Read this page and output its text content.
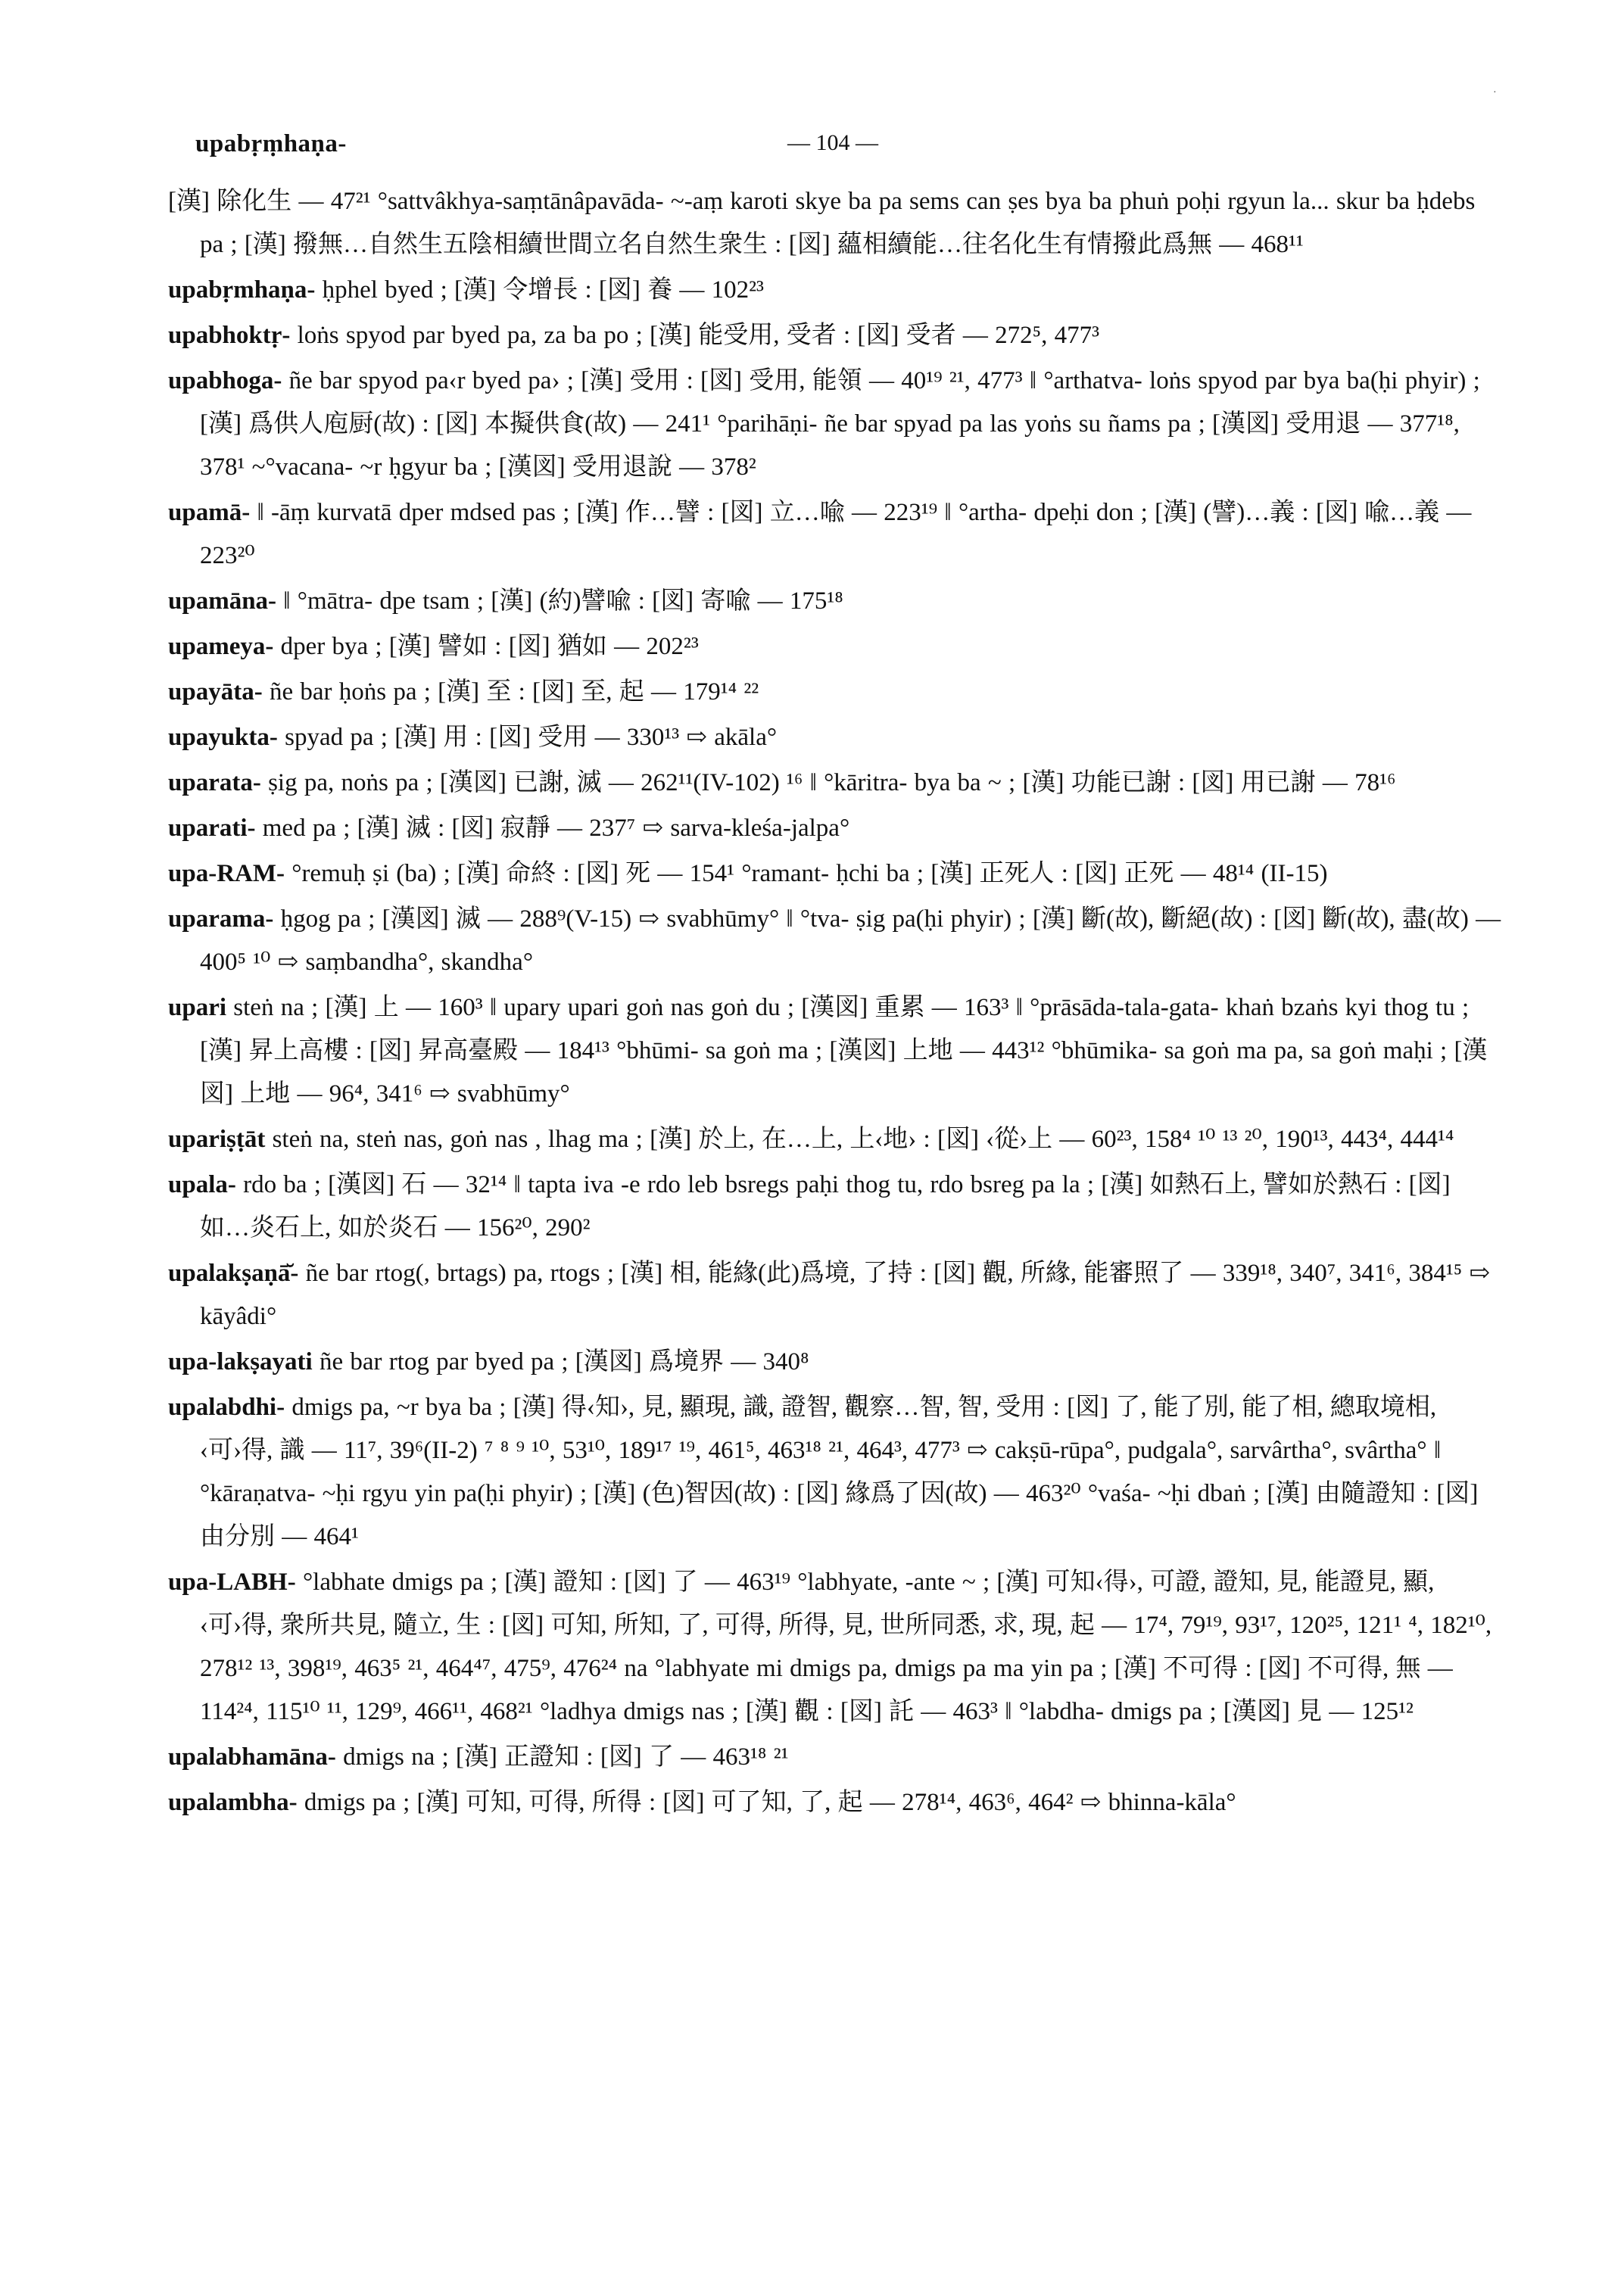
upabṛṃhaṇa-	— 104 —
[漢] 除化生 — 47²¹ °sattvâkhya-saṃtānâpavāda- ~-aṃ karoti skye ba pa sems can ṣes bya ba phuṅ poḥi rgyun la... skur ba ḥdebs pa ; [漢] 撥無…自然生五陰相續世間立名自然生衆生 : [図] 蘊相續能…往名化生有情撥此爲無 — 468¹¹
upabṛmhaṇa- ḥphel byed ; [漢] 令增長 : [図] 養 — 102²³
upabhoktṛ- loṅs spyod par byed pa, za ba po ; [漢] 能受用, 受者 : [図] 受者 — 272⁵, 477³
upabhoga- ñe bar spyod pa‹r byed pa› ; [漢] 受用 : [図] 受用, 能領 — 40¹⁹ ²¹, 477³ ‖ °arthatva- loṅs spyod par bya ba(ḥi phyir) ; [漢] 爲供人庖厨(故) : [図] 本擬供食(故) — 241¹ °parihāṇi- ñe bar spyad pa las yoṅs su ñams pa ; [漢図] 受用退 — 377¹⁸, 378¹ ~°vacana- ~r ḥgyur ba ; [漢図] 受用退說 — 378²
upamā- ‖ -āṃ kurvatā dper mdsed pas ; [漢] 作…譬 : [図] 立…喩 — 223¹⁹ ‖ °artha- dpeḥi don ; [漢] (譬)…義 : [図] 喩…義 — 223²⁰
upamāna- ‖ °mātra- dpe tsam ; [漢] (約)譬喩 : [図] 寄喩 — 175¹⁸
upameya- dper bya ; [漢] 譬如 : [図] 猶如 — 202²³
upayāta- ñe bar ḥoṅs pa ; [漢] 至 : [図] 至, 起 — 179¹⁴ ²²
upayukta- spyad pa ; [漢] 用 : [図] 受用 — 330¹³ ⇨ akāla°
uparata- ṣig pa, noṅs pa ; [漢図] 已謝, 滅 — 262¹¹(IV-102) ¹⁶ ‖ °kāritra- bya ba ~ ; [漢] 功能已謝 : [図] 用已謝 — 78¹⁶
uparati- med pa ; [漢] 滅 : [図] 寂靜 — 237⁷ ⇨ sarva-kleśa-jalpa°
upa-RAM- °remuḥ ṣi (ba) ; [漢] 命終 : [図] 死 — 154¹ °ramant- ḥchi ba ; [漢] 正死人 : [図] 正死 — 48¹⁴ (II-15)
uparama- ḥgog pa ; [漢図] 滅 — 288⁹(V-15) ⇨ svabhūmy° ‖ °tva- ṣig pa(ḥi phyir) ; [漢] 斷(故), 斷絕(故) : [図] 斷(故), 盡(故) — 400⁵ ¹⁰ ⇨ saṃbandha°, skandha°
upari steṅ na ; [漢] 上 — 160³ ‖ upary upari goṅ nas goṅ du ; [漢図] 重累 — 163³ ‖ °prāsāda-tala-gata- khaṅ bzaṅs kyi thog tu ; [漢] 昇上高樓 : [図] 昇高臺殿 — 184¹³ °bhūmi- sa goṅ ma ; [漢図] 上地 — 443¹² °bhūmika- sa goṅ ma pa, sa goṅ maḥi ; [漢図] 上地 — 96⁴, 341⁶ ⇨ svabhūmy°
upariṣṭāt steṅ na, steṅ nas, goṅ nas , lhag ma ; [漢] 於上, 在…上, 上‹地› : [図] ‹從›上 — 60²³, 158⁴ ¹⁰ ¹³ ²⁰, 190¹³, 443⁴, 444¹⁴
upala- rdo ba ; [漢図] 石 — 32¹⁴ ‖ tapta iva -e rdo leb bsregs paḥi thog tu, rdo bsreg pa la ; [漢] 如熱石上, 譬如於熱石 : [図] 如…炎石上, 如於炎石 — 156²⁰, 290²
upalakṣaṇā̆- ñe bar rtog(, brtags) pa, rtogs ; [漢] 相, 能緣(此)爲境, 了持 : [図] 觀, 所緣, 能審照了 — 339¹⁸, 340⁷, 341⁶, 384¹⁵ ⇨ kāyâdi°
upa-lakṣayati ñe bar rtog par byed pa ; [漢図] 爲境界 — 340⁸
upalabdhi- dmigs pa, ~r bya ba ; [漢] 得‹知›, 見, 顯現, 識, 證智, 觀察…智, 智, 受用 : [図] 了, 能了別, 能了相, 總取境相, ‹可›得, 識 — 11⁷, 39⁶(II-2) ⁷ ⁸ ⁹ ¹⁰, 53¹⁰, 189¹⁷ ¹⁹, 461⁵, 463¹⁸ ²¹, 464³, 477³ ⇨ cakṣū-rūpa°, pudgala°, sarvârtha°, svârtha° ‖ °kāraṇatva- ~ḥi rgyu yin pa(ḥi phyir) ; [漢] (色)智因(故) : [図] 緣爲了因(故) — 463²⁰ °vaśa- ~ḥi dbaṅ ; [漢] 由隨證知 : [図] 由分別 — 464¹
upa-LABH- °labhate dmigs pa ; [漢] 證知 : [図] 了 — 463¹⁹ °labhyate, -ante ~ ; [漢] 可知‹得›, 可證, 證知, 見, 能證見, 顯, ‹可›得, 衆所共見, 隨立, 生 : [図] 可知, 所知, 了, 可得, 所得, 見, 世所同悉, 求, 現, 起 — 17⁴, 79¹⁹, 93¹⁷, 120²⁵, 121¹ ⁴, 182¹⁰, 278¹² ¹³, 398¹⁹, 463⁵ ²¹, 464⁴⁷, 475⁹, 476²⁴ na °labhyate mi dmigs pa, dmigs pa ma yin pa ; [漢] 不可得 : [図] 不可得, 無 — 114²⁴, 115¹⁰ ¹¹, 129⁹, 466¹¹, 468²¹ °ladhya dmigs nas ; [漢] 觀 : [図] 託 — 463³ ‖ °labdha- dmigs pa ; [漢図] 見 — 125¹²
upalabhamāna- dmigs na ; [漢] 正證知 : [図] 了 — 463¹⁸ ²¹
upalambha- dmigs pa ; [漢] 可知, 可得, 所得 : [図] 可了知, 了, 起 — 278¹⁴, 463⁶, 464² ⇨ bhinna-kāla°
·
